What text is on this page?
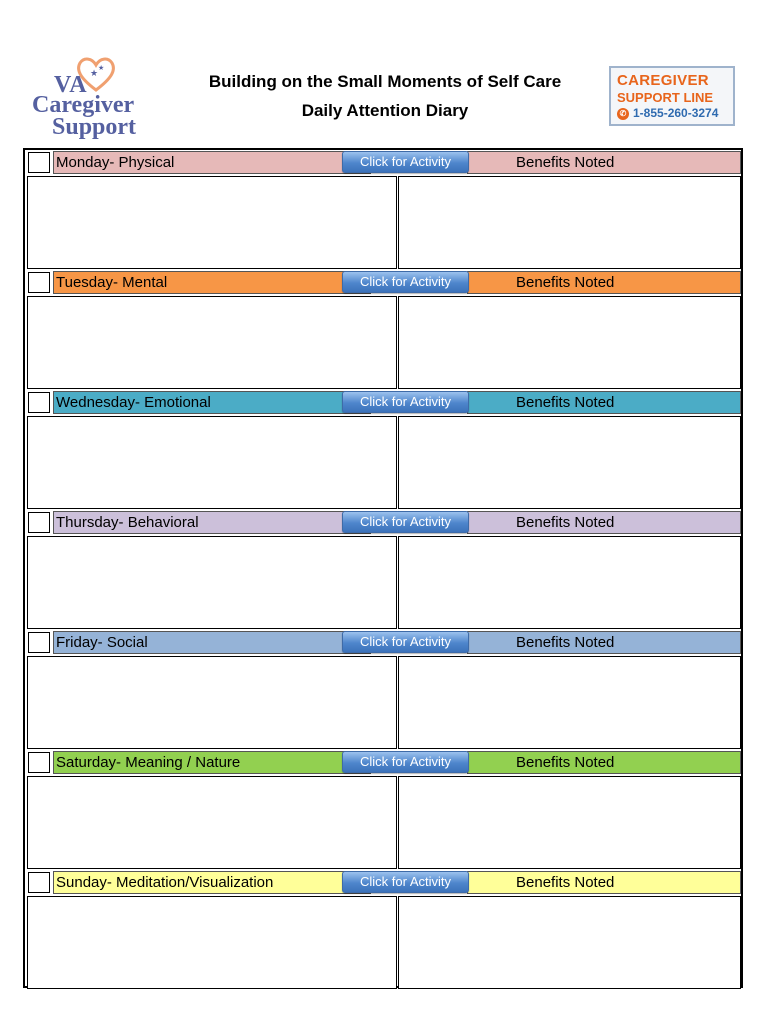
★
★
VA
Caregiver
Support
Building on the Small Moments of Self Care
Daily Attention Diary
CAREGIVER
SUPPORT LINE
✆ 1-855-260-3274
Monday- Physical	Benefits Noted
Click for Activity
Tuesday- Mental	Benefits Noted
Click for Activity
Wednesday- Emotional	Benefits Noted
Click for Activity
Thursday- Behavioral	Benefits Noted
Click for Activity
Friday- Social	Benefits Noted
Click for Activity
Saturday- Meaning / Nature	Benefits Noted
Click for Activity
Sunday- Meditation/Visualization	Benefits Noted
Click for Activity
